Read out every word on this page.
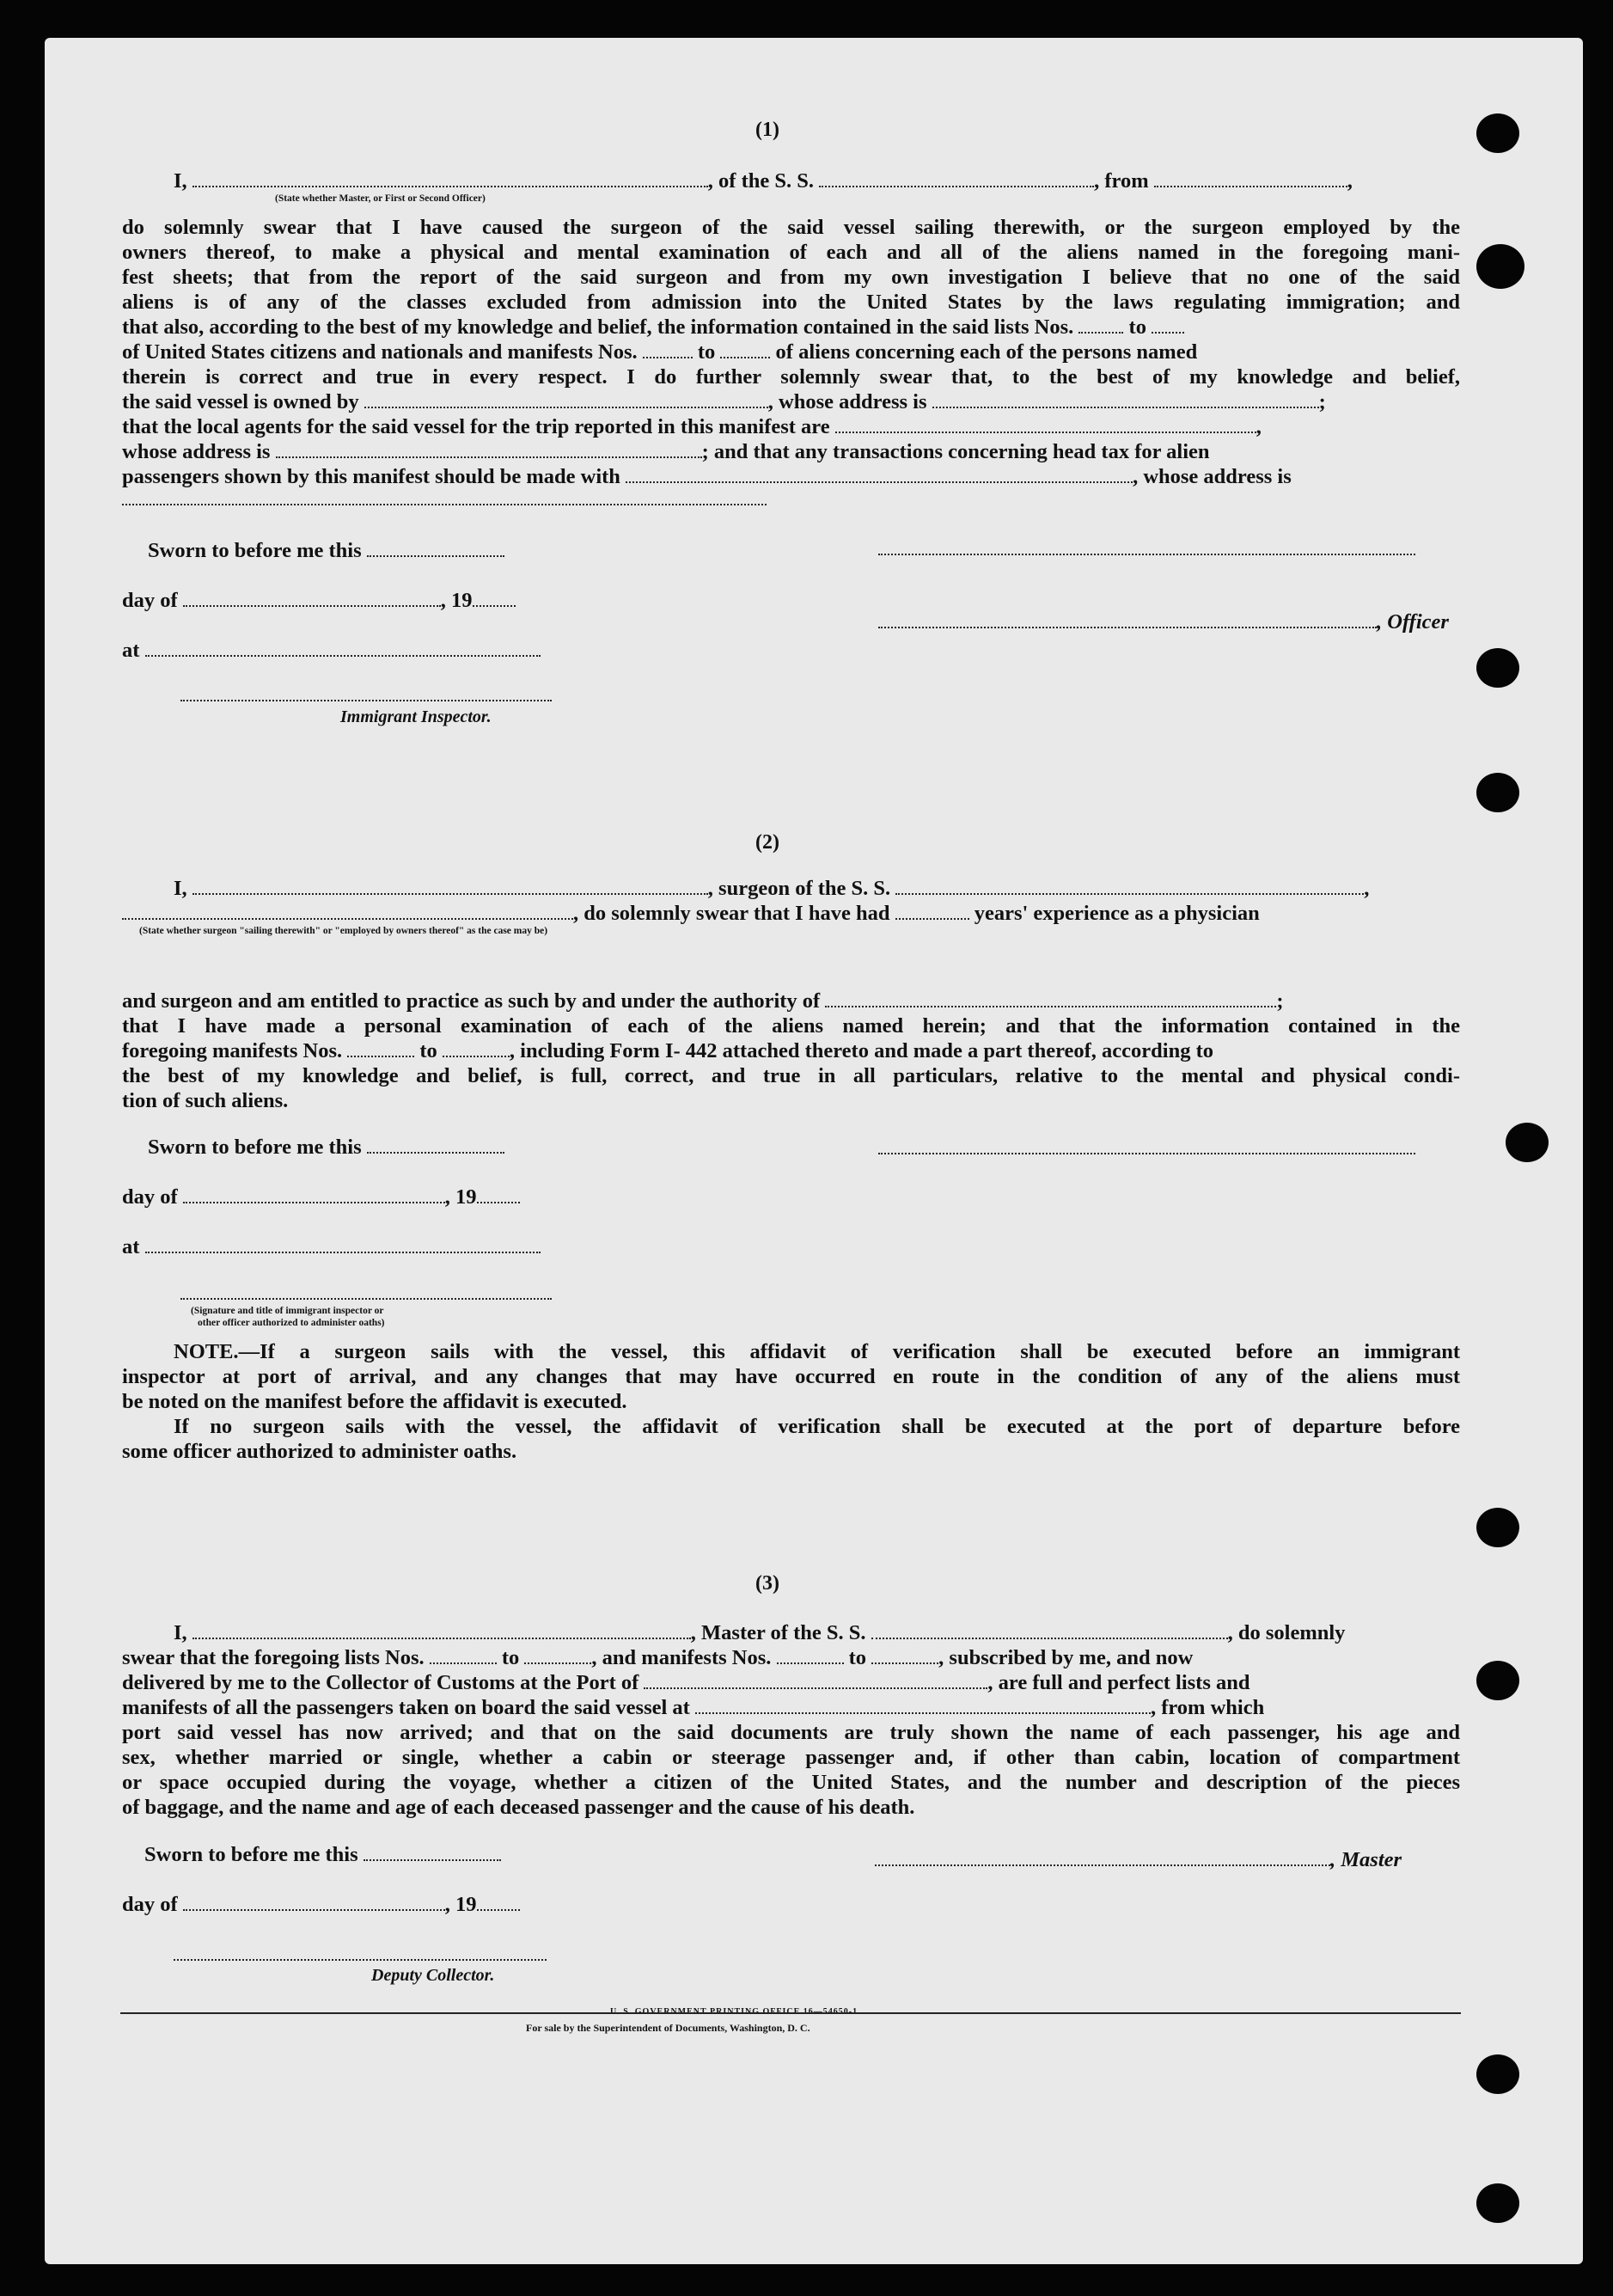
(1)
I,	, of the S. S.	, from	,
(State whether Master, or First or Second Officer)
do solemnly swear that I have caused the surgeon of the said vessel sailing therewith, or the surgeon employed by the
owners thereof, to make a physical and mental examination of each and all of the aliens named in the foregoing mani-
fest sheets; that from the report of the said surgeon and from my own investigation I believe that no one of the said
aliens is of any of the classes excluded from admission into the United States by the laws regulating immigration; and
that also, according to the best of my knowledge and belief, the information contained in the said lists Nos.	to
of United States citizens and nationals and manifests Nos.	to	of aliens concerning each of the persons named
therein is correct and true in every respect. I do further solemnly swear that, to the best of my knowledge and belief,
the said vessel is owned by	, whose address is	;
that the local agents for the said vessel for the trip reported in this manifest are	,
whose address is	; and that any transactions concerning head tax for alien
passengers shown by this manifest should be made with	, whose address is
Sworn to before me this
day of	, 19
, Officer
at
Immigrant Inspector.
(2)
I,	, surgeon of the S. S.	,
, do solemnly swear that I have had	years' experience as a physician
(State whether surgeon "sailing therewith" or "employed by owners thereof" as the case may be)
and surgeon and am entitled to practice as such by and under the authority of	;
that I have made a personal examination of each of the aliens named herein; and that the information contained in the
foregoing manifests Nos.	to	, including Form I- 442 attached thereto and made a part thereof, according to
the best of my knowledge and belief, is full, correct, and true in all particulars, relative to the mental and physical condi-
tion of such aliens.
Sworn to before me this
day of	, 19
at
(Signature and title of immigrant inspector or
other officer authorized to administer oaths)
NOTE.—If a surgeon sails with the vessel, this affidavit of verification shall be executed before an immigrant
inspector at port of arrival, and any changes that may have occurred en route in the condition of any of the aliens must
be noted on the manifest before the affidavit is executed.
If no surgeon sails with the vessel, the affidavit of verification shall be executed at the port of departure before
some officer authorized to administer oaths.
(3)
I,	, Master of the S. S.	, do solemnly
swear that the foregoing lists Nos.	to	, and manifests Nos.	to	, subscribed by me, and now
delivered by me to the Collector of Customs at the Port of	, are full and perfect lists and
manifests of all the passengers taken on board the said vessel at	, from which
port said vessel has now arrived; and that on the said documents are truly shown the name of each passenger, his age and
sex, whether married or single, whether a cabin or steerage passenger and, if other than cabin, location of compartment
or space occupied during the voyage, whether a citizen of the United States, and the number and description of the pieces
of baggage, and the name and age of each deceased passenger and the cause of his death.
Sworn to before me this	, Master
day of	, 19
Deputy Collector.
For sale by the Superintendent of Documents, Washington, D. C.
